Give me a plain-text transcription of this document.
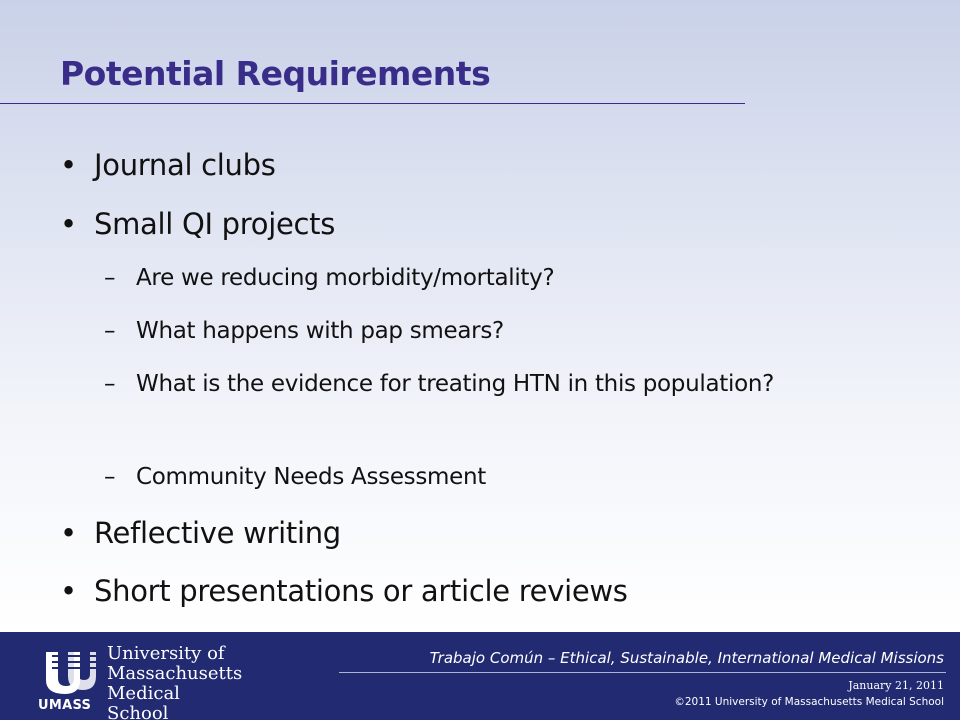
Potential Requirements
• Journal clubs
• Small QI projects
– Are we reducing morbidity/mortality?
– What happens with pap smears?
– What is the evidence for treating HTN in this population?
– Community Needs Assessment
• Reflective writing
• Short presentations or article reviews
UMASS
University of
Massachusetts
Medical School
Trabajo Común – Ethical, Sustainable, International Medical Missions
January 21, 2011
©2011 University of Massachusetts Medical School
